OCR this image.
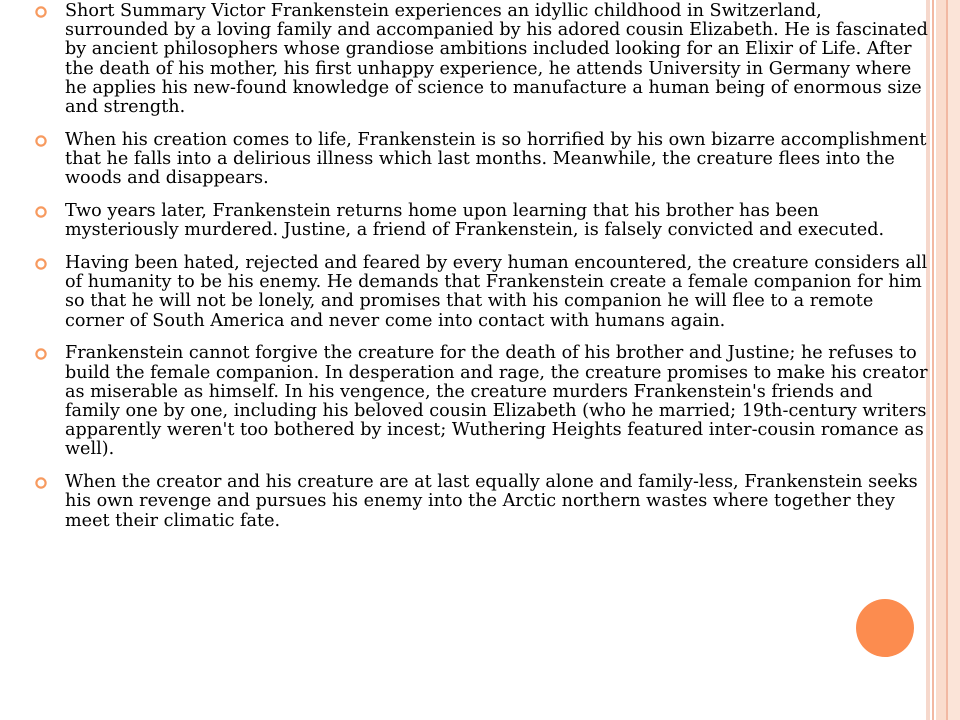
Short Summary Victor Frankenstein experiences an idyllic childhood in Switzerland, surrounded by a loving family and accompanied by his adored cousin Elizabeth. He is fascinated by ancient philosophers whose grandiose ambitions included looking for an Elixir of Life. After the death of his mother, his first unhappy experience, he attends University in Germany where he applies his new-found knowledge of science to manufacture a human being of enormous size and strength.
When his creation comes to life, Frankenstein is so horrified by his own bizarre accomplishment that he falls into a delirious illness which last months. Meanwhile, the creature flees into the woods and disappears.
Two years later, Frankenstein returns home upon learning that his brother has been mysteriously murdered. Justine, a friend of Frankenstein, is falsely convicted and executed.
Having been hated, rejected and feared by every human encountered, the creature considers all of humanity to be his enemy. He demands that Frankenstein create a female companion for him so that he will not be lonely, and promises that with his companion he will flee to a remote corner of South America and never come into contact with humans again.
Frankenstein cannot forgive the creature for the death of his brother and Justine; he refuses to build the female companion. In desperation and rage, the creature promises to make his creator as miserable as himself. In his vengence, the creature murders Frankenstein's friends and family one by one, including his beloved cousin Elizabeth (who he married; 19th-century writers apparently weren't too bothered by incest; Wuthering Heights featured inter-cousin romance as well).
When the creator and his creature are at last equally alone and family-less, Frankenstein seeks his own revenge and pursues his enemy into the Arctic northern wastes where together they meet their climatic fate.
